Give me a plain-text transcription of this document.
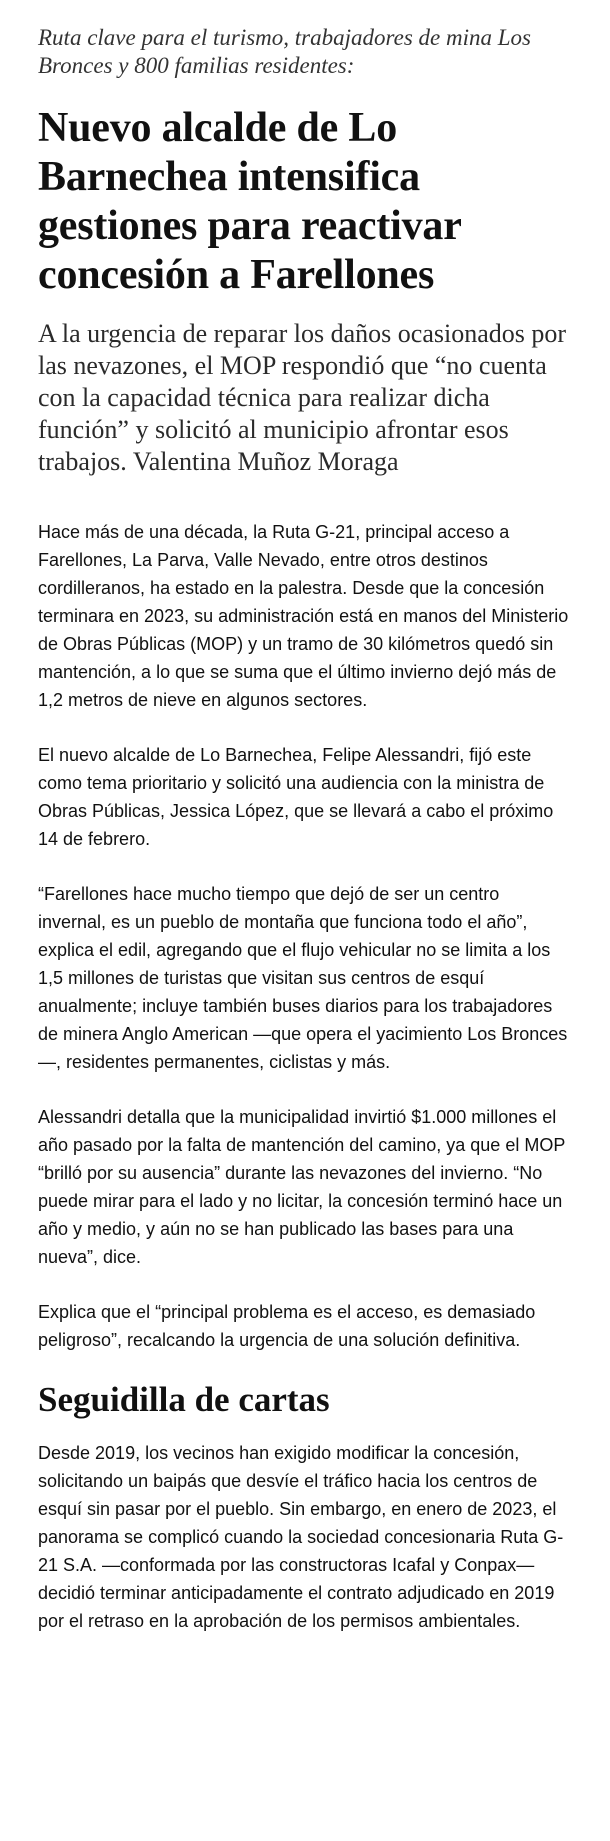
Ruta clave para el turismo, trabajadores de mina Los Bronces y 800 familias residentes:

Nuevo alcalde de Lo Barnechea intensifica gestiones para reactivar concesión a Farellones

A la urgencia de reparar los daños ocasionados por las nevazones, el MOP respondió que “no cuenta con la capacidad técnica para realizar dicha función” y solicitó al municipio afrontar esos trabajos. Valentina Muñoz Moraga

Hace más de una década, la Ruta G-21, principal acceso a Farellones, La Parva, Valle Nevado, entre otros destinos cordilleranos, ha estado en la palestra. Desde que la concesión terminara en 2023, su administración está en manos del Ministerio de Obras Públicas (MOP) y un tramo de 30 kilómetros quedó sin mantención, a lo que se suma que el último invierno dejó más de 1,2 metros de nieve en algunos sectores.

El nuevo alcalde de Lo Barnechea, Felipe Alessandri, fijó este como tema prioritario y solicitó una audiencia con la ministra de Obras Públicas, Jessica López, que se llevará a cabo el próximo 14 de febrero.

“Farellones hace mucho tiempo que dejó de ser un centro invernal, es un pueblo de montaña que funciona todo el año”, explica el edil, agregando que el flujo vehicular no se limita a los 1,5 millones de turistas que visitan sus centros de esquí anualmente; incluye también buses diarios para los trabajadores de minera Anglo American —que opera el yacimiento Los Bronces—, residentes permanentes, ciclistas y más.

Alessandri detalla que la municipalidad invirtió $1.000 millones el año pasado por la falta de mantención del camino, ya que el MOP “brilló por su ausencia” durante las nevazones del invierno. “No puede mirar para el lado y no licitar, la concesión terminó hace un año y medio, y aún no se han publicado las bases para una nueva”, dice.

Explica que el “principal problema es el acceso, es demasiado peligroso”, recalcando la urgencia de una solución definitiva.

Seguidilla de cartas

Desde 2019, los vecinos han exigido modificar la concesión, solicitando un baipás que desvíe el tráfico hacia los centros de esquí sin pasar por el pueblo. Sin embargo, en enero de 2023, el panorama se complicó cuando la sociedad concesionaria Ruta G-21 S.A. —conformada por las constructoras Icafal y Conpax— decidió terminar anticipadamente el contrato adjudicado en 2019 por el retraso en la aprobación de los permisos ambientales.
